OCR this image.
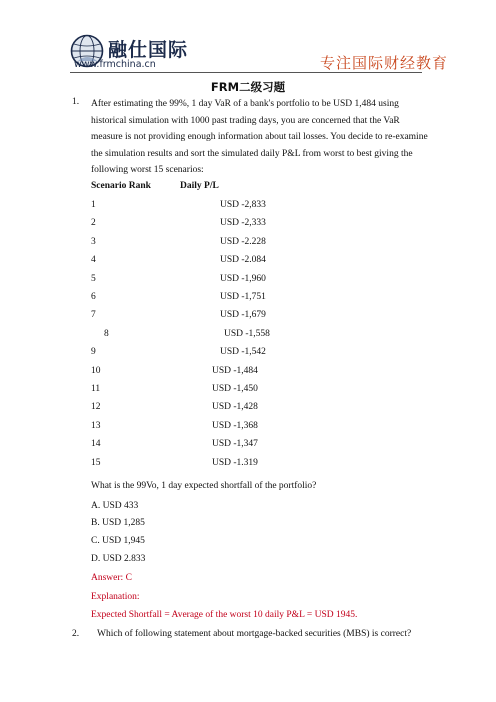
融仕国际
www.frmchina.cn	专注国际财经教育
FRM二级习题
1. After estimating the 99%, 1 day VaR of a bank's portfolio to be USD 1,484 using historical simulation with 1000 past trading days, you are concerned that the VaR measure is not providing enough information about tail losses. You decide to re-examine the simulation results and sort the simulated daily P&L from worst to best giving the following worst 15 scenarios:
Scenario Rank	Daily P/L
1	USD -2,833
2	USD -2,333
3	USD -2.228
4	USD -2.084
5	USD -1,960
6	USD -1,751
7	USD -1,679
8	USD -1,558
9	USD -1,542
10	USD -1,484
11	USD -1,450
12	USD -1,428
13	USD -1,368
14	USD -1,347
15	USD -1.319
What is the 99Vo, 1 day expected shortfall of the portfolio?
A. USD 433
B. USD 1,285
C. USD 1,945
D. USD 2.833
Answer: C
Explanation:
Expected Shortfall = Average of the worst 10 daily P&L = USD 1945.
2. Which of following statement about mortgage-backed securities (MBS) is correct?
